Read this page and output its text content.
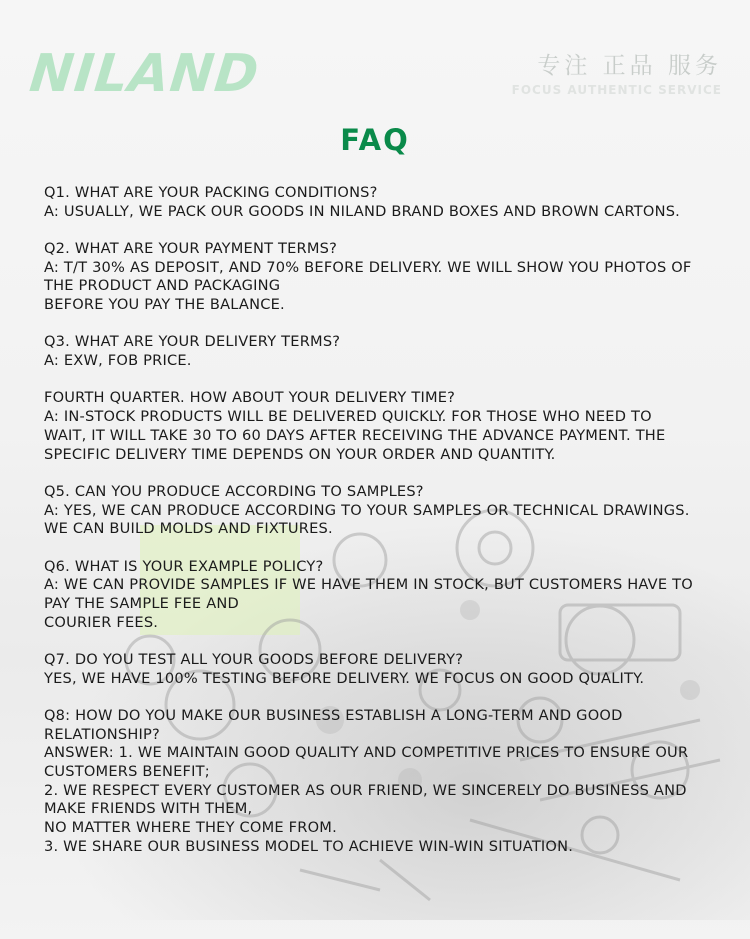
NILAND	专注 正品 服务
FOCUS AUTHENTIC SERVICE
FAQ
Q1. WHAT ARE YOUR PACKING CONDITIONS?
A: USUALLY, WE PACK OUR GOODS IN NILAND BRAND BOXES AND BROWN CARTONS.
Q2. WHAT ARE YOUR PAYMENT TERMS?
A: T/T 30% AS DEPOSIT, AND 70% BEFORE DELIVERY. WE WILL SHOW YOU PHOTOS OF
THE PRODUCT AND PACKAGING
BEFORE YOU PAY THE BALANCE.
Q3. WHAT ARE YOUR DELIVERY TERMS?
A: EXW, FOB PRICE.
FOURTH QUARTER. HOW ABOUT YOUR DELIVERY TIME?
A: IN-STOCK PRODUCTS WILL BE DELIVERED QUICKLY. FOR THOSE WHO NEED TO
WAIT, IT WILL TAKE 30 TO 60 DAYS AFTER RECEIVING THE ADVANCE PAYMENT. THE
SPECIFIC DELIVERY TIME DEPENDS ON YOUR ORDER AND QUANTITY.
Q5. CAN YOU PRODUCE ACCORDING TO SAMPLES?
A: YES, WE CAN PRODUCE ACCORDING TO YOUR SAMPLES OR TECHNICAL DRAWINGS.
WE CAN BUILD MOLDS AND FIXTURES.
Q6. WHAT IS YOUR EXAMPLE POLICY?
A: WE CAN PROVIDE SAMPLES IF WE HAVE THEM IN STOCK, BUT CUSTOMERS HAVE TO
PAY THE SAMPLE FEE AND
COURIER FEES.
Q7. DO YOU TEST ALL YOUR GOODS BEFORE DELIVERY?
YES, WE HAVE 100% TESTING BEFORE DELIVERY. WE FOCUS ON GOOD QUALITY.
Q8: HOW DO YOU MAKE OUR BUSINESS ESTABLISH A LONG-TERM AND GOOD
RELATIONSHIP?
ANSWER: 1. WE MAINTAIN GOOD QUALITY AND COMPETITIVE PRICES TO ENSURE OUR
CUSTOMERS BENEFIT;
2. WE RESPECT EVERY CUSTOMER AS OUR FRIEND, WE SINCERELY DO BUSINESS AND
MAKE FRIENDS WITH THEM,
NO MATTER WHERE THEY COME FROM.
3. WE SHARE OUR BUSINESS MODEL TO ACHIEVE WIN-WIN SITUATION.
